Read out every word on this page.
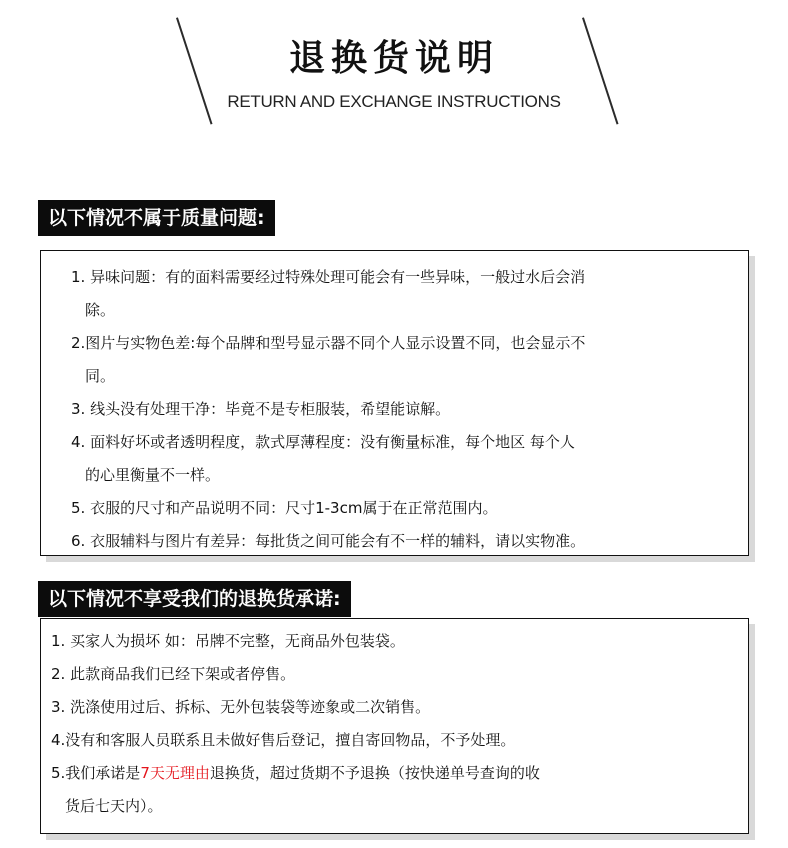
退换货说明
RETURN AND EXCHANGE INSTRUCTIONS
以下情况不属于质量问题:
1. 异味问题：有的面料需要经过特殊处理可能会有一些异味，一般过水后会消
除。
2.图片与实物色差:每个品牌和型号显示器不同个人显示设置不同，也会显示不
同。
3. 线头没有处理干净：毕竟不是专柜服装，希望能谅解。
4. 面料好坏或者透明程度，款式厚薄程度：没有衡量标准，每个地区 每个人
的心里衡量不一样。
5. 衣服的尺寸和产品说明不同：尺寸1-3cm属于在正常范围内。
6. 衣服辅料与图片有差异：每批货之间可能会有不一样的辅料，请以实物准。
以下情况不享受我们的退换货承诺:
1. 买家人为损坏 如：吊牌不完整，无商品外包装袋。
2. 此款商品我们已经下架或者停售。
3. 洗涤使用过后、拆标、无外包装袋等迹象或二次销售。
4.没有和客服人员联系且未做好售后登记，擅自寄回物品，不予处理。
5.我们承诺是7天无理由退换货，超过货期不予退换（按快递单号查询的收
货后七天内）。
